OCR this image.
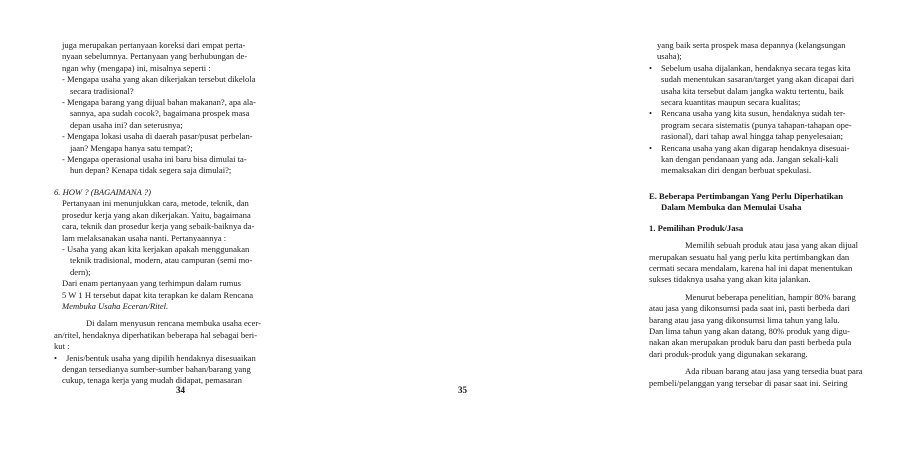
juga merupakan pertanyaan koreksi dari empat perta-
nyaan sebelumnya. Pertanyaan yang berhubungan de-
ngan why (mengapa) ini, misalnya seperti :
- Mengapa usaha yang akan dikerjakan tersebut dikelola
secara tradisional?
- Mengapa barang yang dijual bahan makanan?, apa ala-
sannya, apa sudah cocok?, bagaimana prospek masa
depan usaha ini? dan seterusnya;
- Mengapa lokasi usaha di daerah pasar/pusat perbelan-
jaan? Mengapa hanya satu tempat?;
- Mengapa operasional usaha ini baru bisa dimulai ta-
hun depan? Kenapa tidak segera saja dimulai?;
6. HOW ? (BAGAIMANA ?)
Pertanyaan ini menunjukkan cara, metode, teknik, dan
prosedur kerja yang akan dikerjakan. Yaitu, bagaimana
cara, teknik dan prosedur kerja yang sebaik-baiknya da-
lam melaksanakan usaha nanti. Pertanyaannya :
- Usaha yang akan kita kerjakan apakah menggunakan
teknik tradisional, modern, atau campuran (semi mo-
dern);
Dari enam pertanyaan yang terhimpun dalam rumus
5 W 1 H tersebut dapat kita terapkan ke dalam Rencana
Membuka Usaha Eceran/Ritel.
Di dalam menyusun rencana membuka usaha ecer-
an/ritel, hendaknya diperhatikan beberapa hal sebagai beri-
kut :
•	Jenis/bentuk usaha yang dipilih hendaknya disesuaikan
dengan tersedianya sumber-sumber bahan/barang yang
cukup, tenaga kerja yang mudah didapat, pemasaran
34
yang baik serta prospek masa depannya (kelangsungan
usaha);
•	Sebelum usaha dijalankan, hendaknya secara tegas kita
sudah menentukan sasaran/target yang akan dicapai dari
usaha kita tersebut dalam jangka waktu tertentu, baik
secara kuantitas maupun secara kualitas;
•	Rencana usaha yang kita susun, hendaknya sudah ter-
program secara sistematis (punya tahapan-tahapan ope-
rasional), dari tahap awal hingga tahap penyelesaian;
•	Rencana usaha yang akan digarap hendaknya disesuai-
kan dengan pendanaan yang ada. Jangan sekali-kali
memaksakan diri dengan berbuat spekulasi.
E. Beberapa Pertimbangan Yang Perlu Diperhatikan
Dalam Membuka dan Memulai Usaha
1. Pemilihan Produk/Jasa
Memilih sebuah produk atau jasa yang akan dijual
merupakan sesuatu hal yang perlu kita pertimbangkan dan
cermati secara mendalam, karena hal ini dapat menentukan
sukses tidaknya usaha yang akan kita jalankan.
Menurut beberapa penelitian, hampir 80% barang
atau jasa yang dikonsumsi pada saat ini, pasti berbeda dari
barang atau jasa yang dikonsumsi lima tahun yang lalu.
Dan lima tahun yang akan datang, 80% produk yang digu-
nakan akan merupakan produk baru dan pasti berbeda pula
dari produk-produk yang digunakan sekarang.
Ada ribuan barang atau jasa yang tersedia buat para
pembeli/pelanggan yang tersebar di pasar saat ini. Seiring
35
